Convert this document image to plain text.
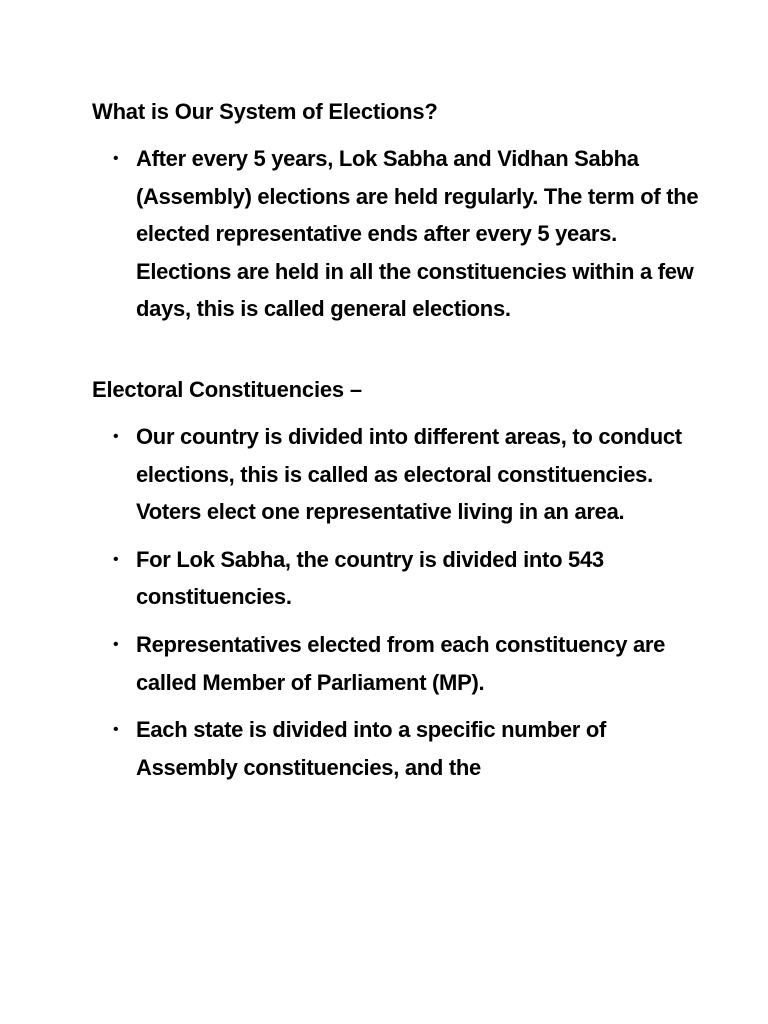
What is Our System of Elections?
• After every 5 years, Lok Sabha and Vidhan Sabha (Assembly) elections are held regularly. The term of the elected representative ends after every 5 years. Elections are held in all the constituencies within a few days, this is called general elections.
Electoral Constituencies –
• Our country is divided into different areas, to conduct elections, this is called as electoral constituencies. Voters elect one representative living in an area.
• For Lok Sabha, the country is divided into 543 constituencies.
• Representatives elected from each constituency are called Member of Parliament (MP).
• Each state is divided into a specific number of Assembly constituencies, and the
